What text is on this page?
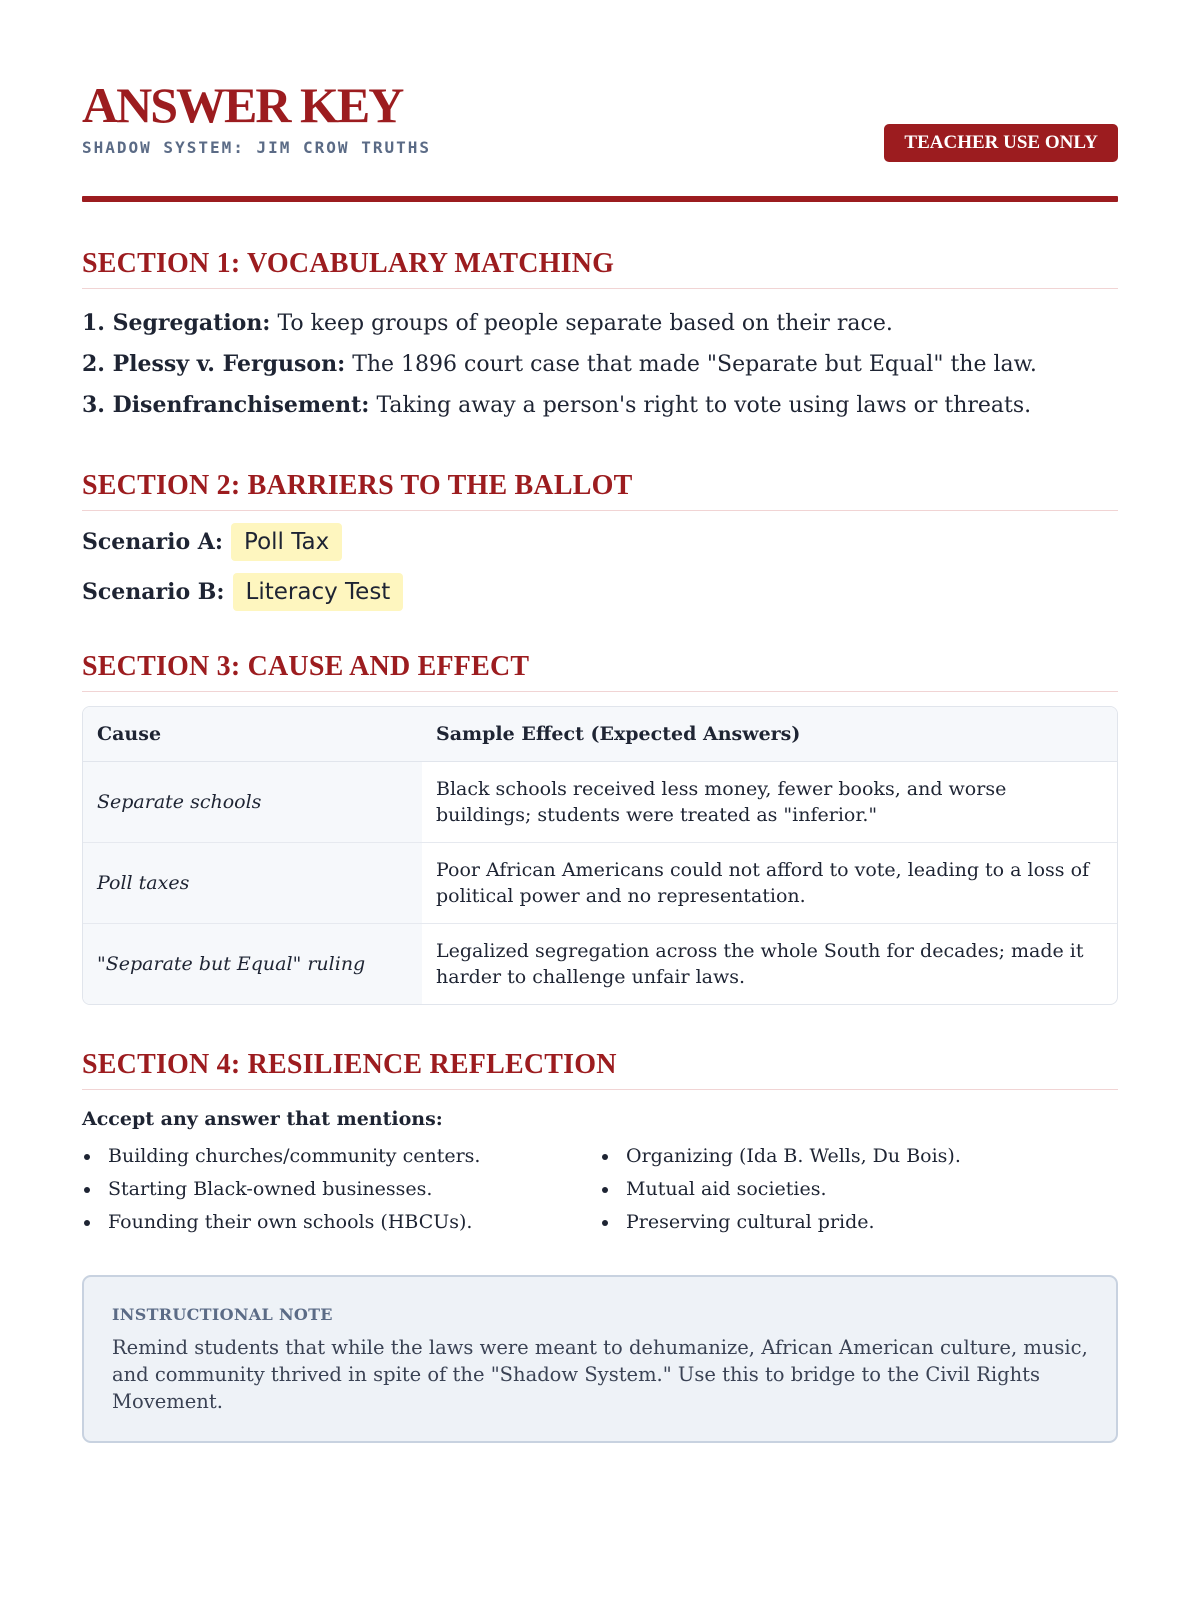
ANSWER KEY
SHADOW SYSTEM: JIM CROW TRUTHS	TEACHER USE ONLY
SECTION 1: VOCABULARY MATCHING
1. Segregation: To keep groups of people separate based on their race.
2. Plessy v. Ferguson: The 1896 court case that made "Separate but Equal" the law.
3. Disenfranchisement: Taking away a person's right to vote using laws or threats.
SECTION 2: BARRIERS TO THE BALLOT
Scenario A: Poll Tax
Scenario B: Literacy Test
SECTION 3: CAUSE AND EFFECT
Cause	Sample Effect (Expected Answers)
Separate schools
Black schools received less money, fewer books, and worse buildings; students were treated as "inferior."
Poll taxes
Poor African Americans could not afford to vote, leading to a loss of political power and no representation.
"Separate but Equal" ruling
Legalized segregation across the whole South for decades; made it harder to challenge unfair laws.
SECTION 4: RESILIENCE REFLECTION
Accept any answer that mentions:
Building churches/community centers.
Starting Black-owned businesses.
Founding their own schools (HBCUs).
Organizing (Ida B. Wells, Du Bois).
Mutual aid societies.
Preserving cultural pride.
INSTRUCTIONAL NOTE
Remind students that while the laws were meant to dehumanize, African American culture, music, and community thrived in spite of the "Shadow System." Use this to bridge to the Civil Rights Movement.
